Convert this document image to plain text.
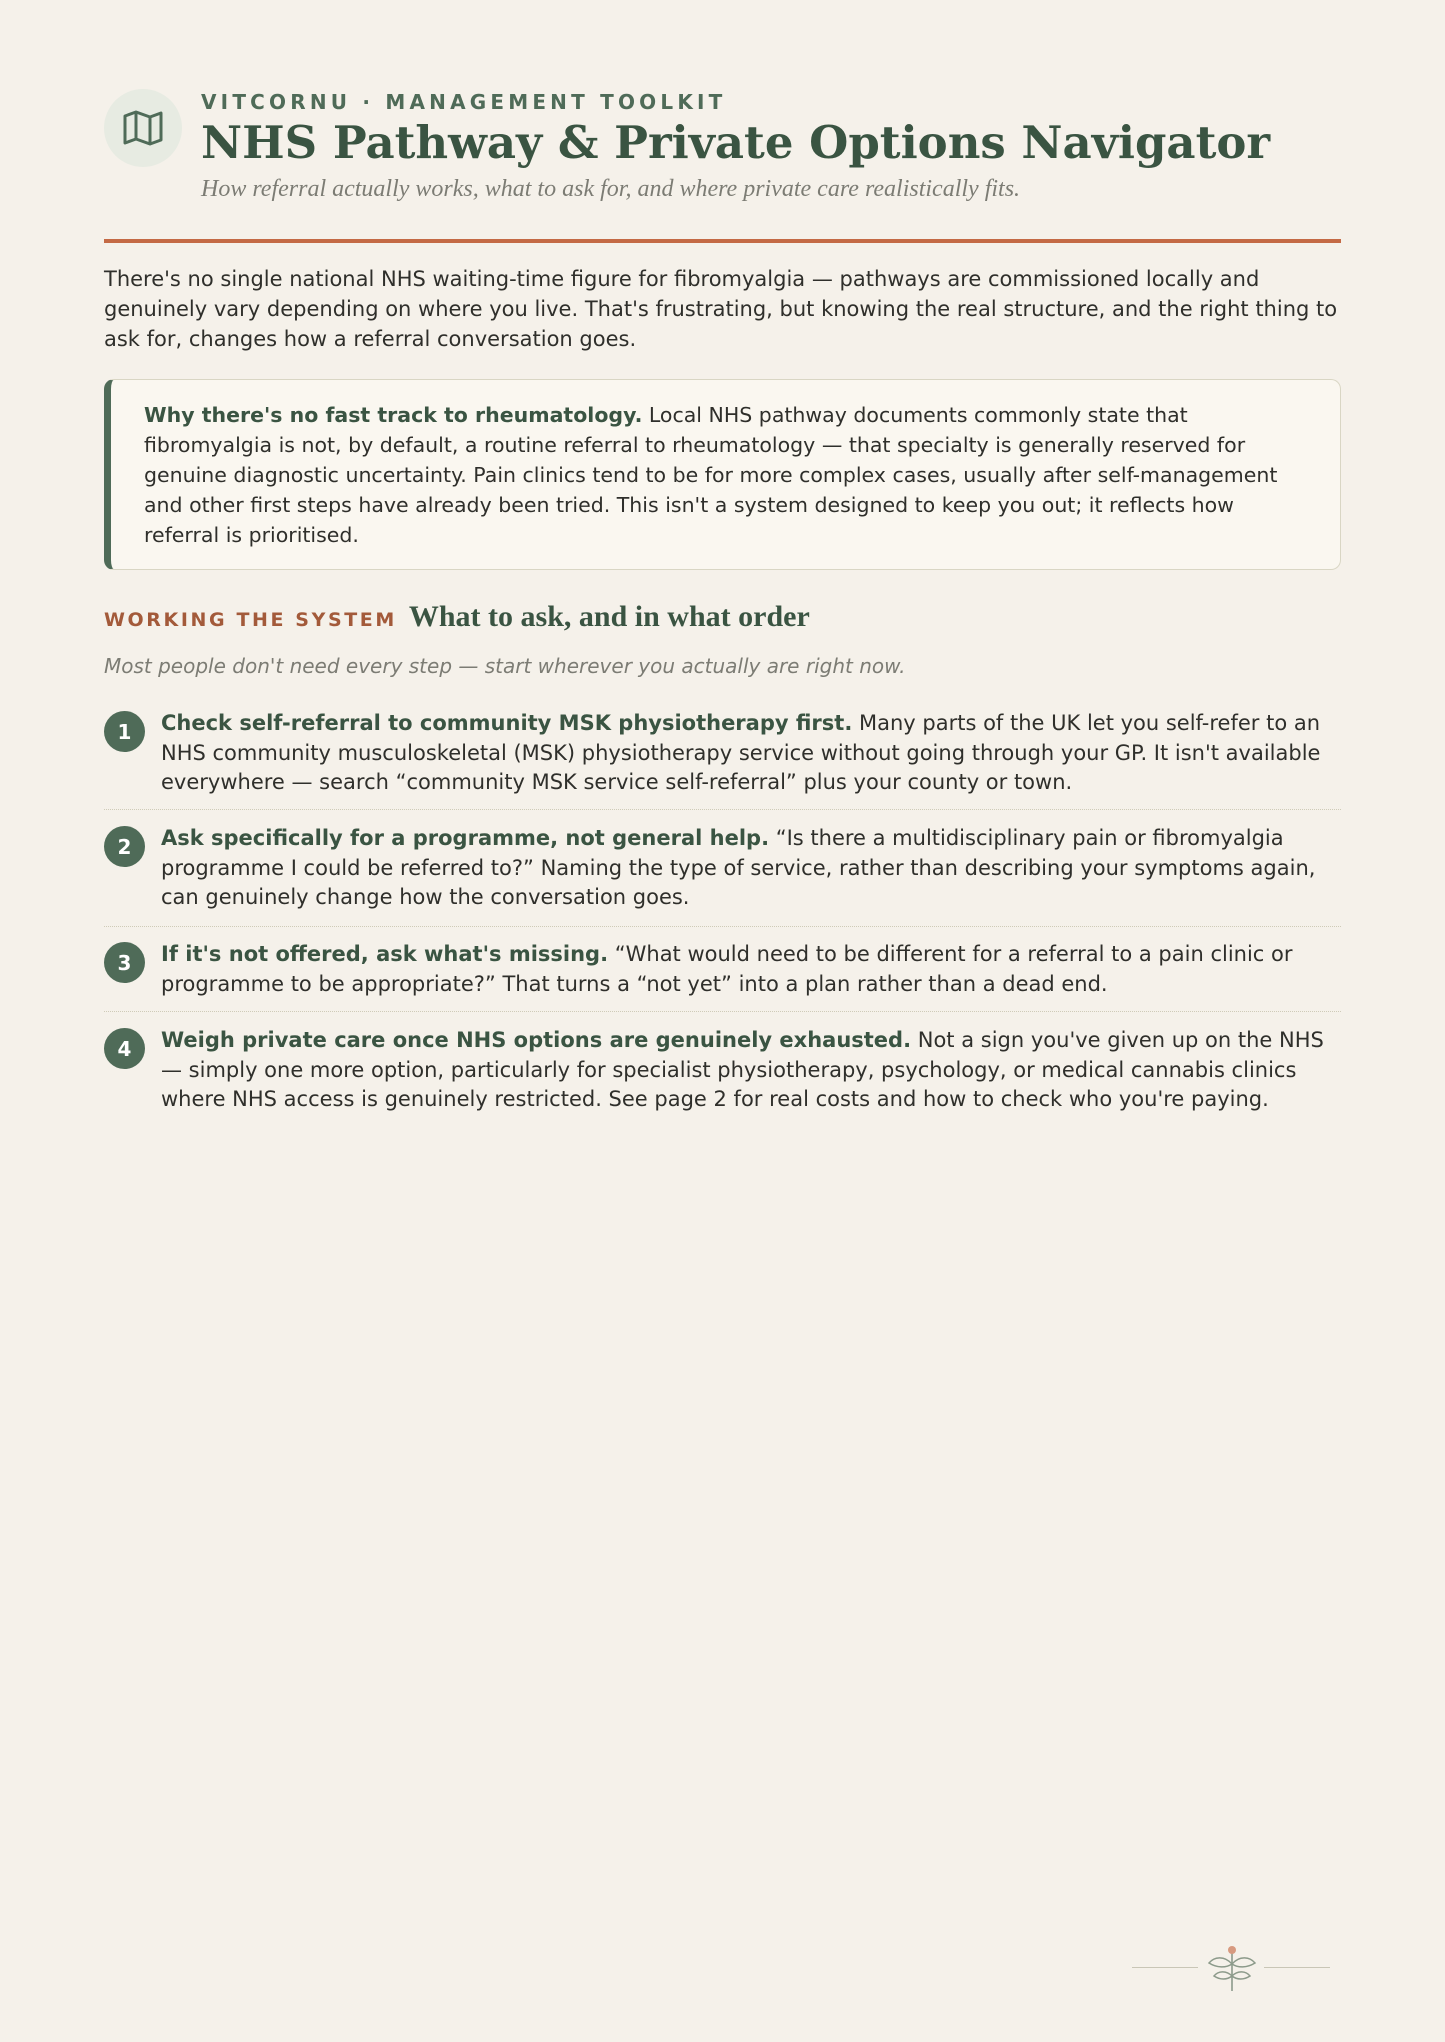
VITCORNU · MANAGEMENT TOOLKIT
NHS Pathway & Private Options Navigator
How referral actually works, what to ask for, and where private care realistically fits.

There's no single national NHS waiting-time figure for fibromyalgia — pathways are commissioned locally and genuinely vary depending on where you live. That's frustrating, but knowing the real structure, and the right thing to ask for, changes how a referral conversation goes.

Why there's no fast track to rheumatology. Local NHS pathway documents commonly state that fibromyalgia is not, by default, a routine referral to rheumatology — that specialty is generally reserved for genuine diagnostic uncertainty. Pain clinics tend to be for more complex cases, usually after self-management and other first steps have already been tried. This isn't a system designed to keep you out; it reflects how referral is prioritised.
WORKING THE SYSTEM What to ask, and in what order
Most people don't need every step — start wherever you actually are right now.
1	Check self-referral to community MSK physiotherapy first. Many parts of the UK let you self-refer to an NHS community musculoskeletal (MSK) physiotherapy service without going through your GP. It isn't available everywhere — search “community MSK service self-referral” plus your county or town.
2	Ask specifically for a programme, not general help. “Is there a multidisciplinary pain or fibromyalgia programme I could be referred to?” Naming the type of service, rather than describing your symptoms again, can genuinely change how the conversation goes.
3	If it's not offered, ask what's missing. “What would need to be different for a referral to a pain clinic or programme to be appropriate?” That turns a “not yet” into a plan rather than a dead end.
4	Weigh private care once NHS options are genuinely exhausted. Not a sign you've given up on the NHS — simply one more option, particularly for specialist physiotherapy, psychology, or medical cannabis clinics where NHS access is genuinely restricted. See page 2 for real costs and how to check who you're paying.
